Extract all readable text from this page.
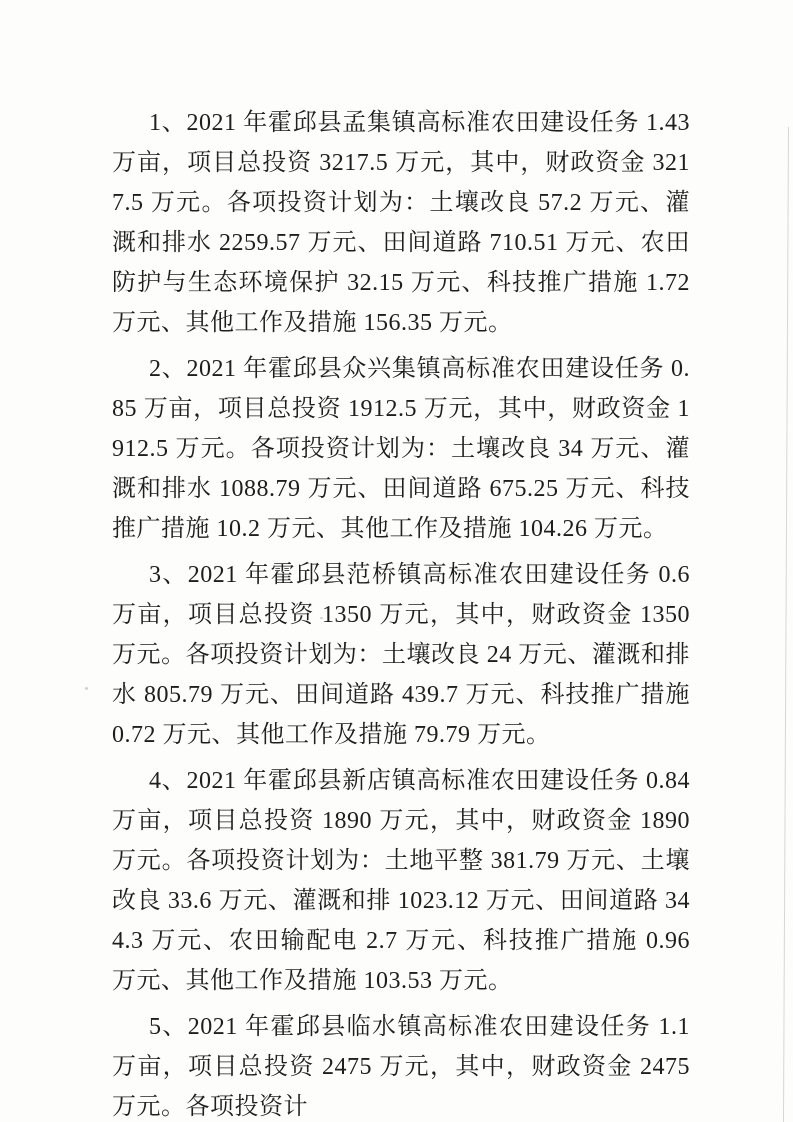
1、2021 年霍邱县孟集镇高标准农田建设任务 1.43 万亩，项目总投资 3217.5 万元，其中，财政资金 3217.5 万元。各项投资计划为：土壤改良 57.2 万元、灌溉和排水 2259.57 万元、田间道路 710.51 万元、农田防护与生态环境保护 32.15 万元、科技推广措施 1.72 万元、其他工作及措施 156.35 万元。

2、2021 年霍邱县众兴集镇高标准农田建设任务 0.85 万亩，项目总投资 1912.5 万元，其中，财政资金 1912.5 万元。各项投资计划为：土壤改良 34 万元、灌溉和排水 1088.79 万元、田间道路 675.25 万元、科技推广措施 10.2 万元、其他工作及措施 104.26 万元。

3、2021 年霍邱县范桥镇高标准农田建设任务 0.6 万亩，项目总投资 1350 万元，其中，财政资金 1350 万元。各项投资计划为：土壤改良 24 万元、灌溉和排水 805.79 万元、田间道路 439.7 万元、科技推广措施 0.72 万元、其他工作及措施 79.79 万元。

4、2021 年霍邱县新店镇高标准农田建设任务 0.84 万亩，项目总投资 1890 万元，其中，财政资金 1890 万元。各项投资计划为：土地平整 381.79 万元、土壤改良 33.6 万元、灌溉和排 1023.12 万元、田间道路 344.3 万元、农田输配电 2.7 万元、科技推广措施 0.96 万元、其他工作及措施 103.53 万元。

5、2021 年霍邱县临水镇高标准农田建设任务 1.1 万亩，项目总投资 2475 万元，其中，财政资金 2475 万元。各项投资计
